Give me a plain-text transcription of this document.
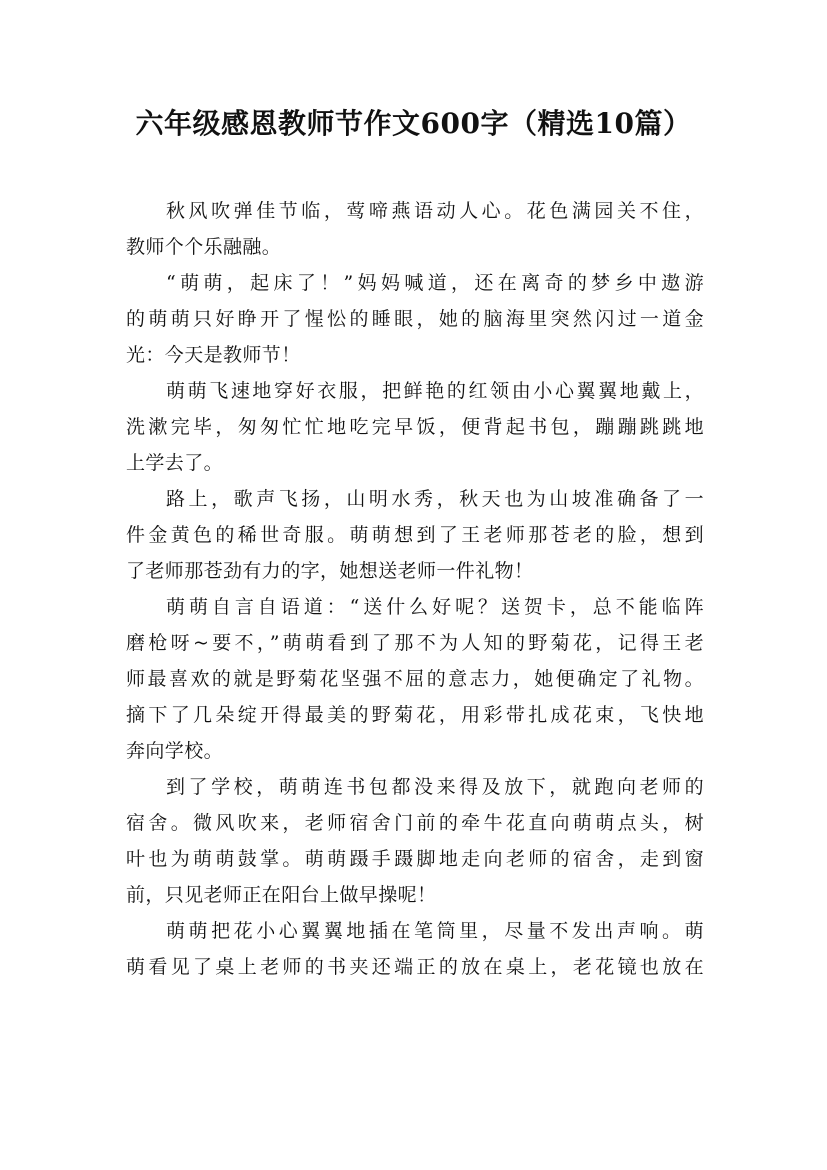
六年级感恩教师节作文600字（精选10篇）
秋风吹弹佳节临，莺啼燕语动人心。花色满园关不住，
教师个个乐融融。
“萌萌，起床了！”妈妈喊道，还在离奇的梦乡中遨游
的萌萌只好睁开了惺忪的睡眼，她的脑海里突然闪过一道金
光：今天是教师节！
萌萌飞速地穿好衣服，把鲜艳的红领由小心翼翼地戴上，
洗漱完毕，匆匆忙忙地吃完早饭，便背起书包，蹦蹦跳跳地
上学去了。
路上，歌声飞扬，山明水秀，秋天也为山坡准确备了一
件金黄色的稀世奇服。萌萌想到了王老师那苍老的脸，想到
了老师那苍劲有力的字，她想送老师一件礼物！
萌萌自言自语道：“送什么好呢？送贺卡，总不能临阵
磨枪呀~要不，”萌萌看到了那不为人知的野菊花，记得王老
师最喜欢的就是野菊花坚强不屈的意志力，她便确定了礼物。
摘下了几朵绽开得最美的野菊花，用彩带扎成花束，飞快地
奔向学校。
到了学校，萌萌连书包都没来得及放下，就跑向老师的
宿舍。微风吹来，老师宿舍门前的牵牛花直向萌萌点头，树
叶也为萌萌鼓掌。萌萌蹑手蹑脚地走向老师的宿舍，走到窗
前，只见老师正在阳台上做早操呢！
萌萌把花小心翼翼地插在笔筒里，尽量不发出声响。萌
萌看见了桌上老师的书夹还端正的放在桌上，老花镜也放在
